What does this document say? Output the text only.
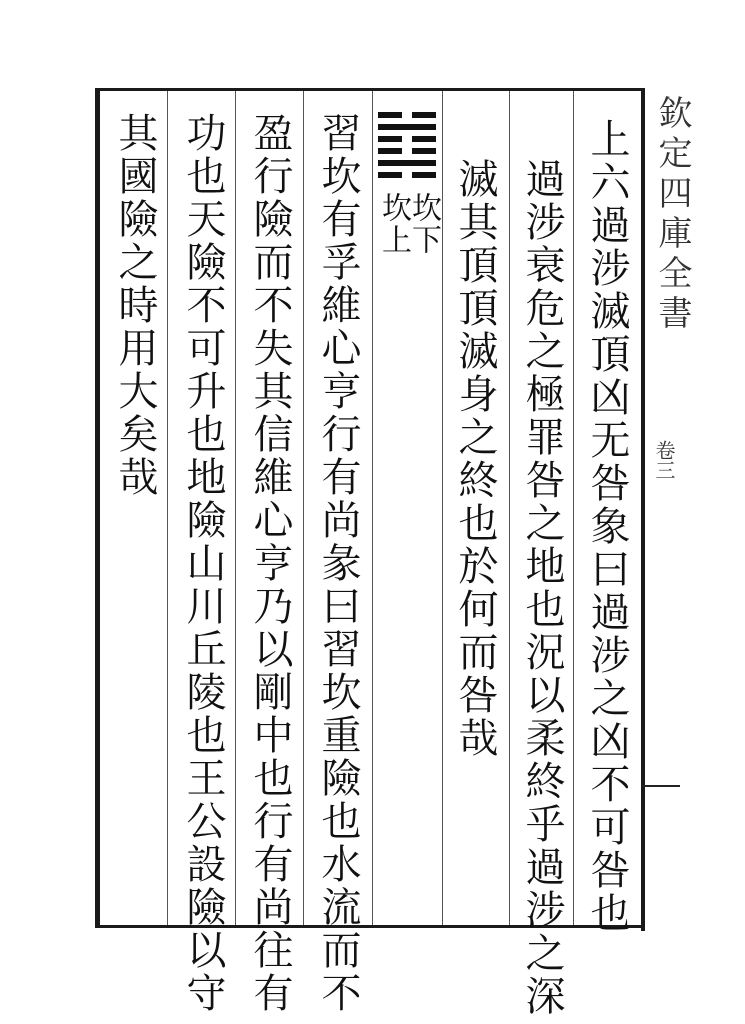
上六過涉滅頂凶无咎象曰過涉之凶不可咎也
過涉衰危之極罪咎之地也況以柔終乎過涉之深
滅其頂頂滅身之終也於何而咎哉
坎下
坎上
習坎有孚維心亨行有尚彖曰習坎重險也水流而不
盈行險而不失其信維心亨乃以剛中也行有尚往有
功也天險不可升也地險山川丘陵也王公設險以守
其國險之時用大矣哉	欽定四庫全書
卷三
